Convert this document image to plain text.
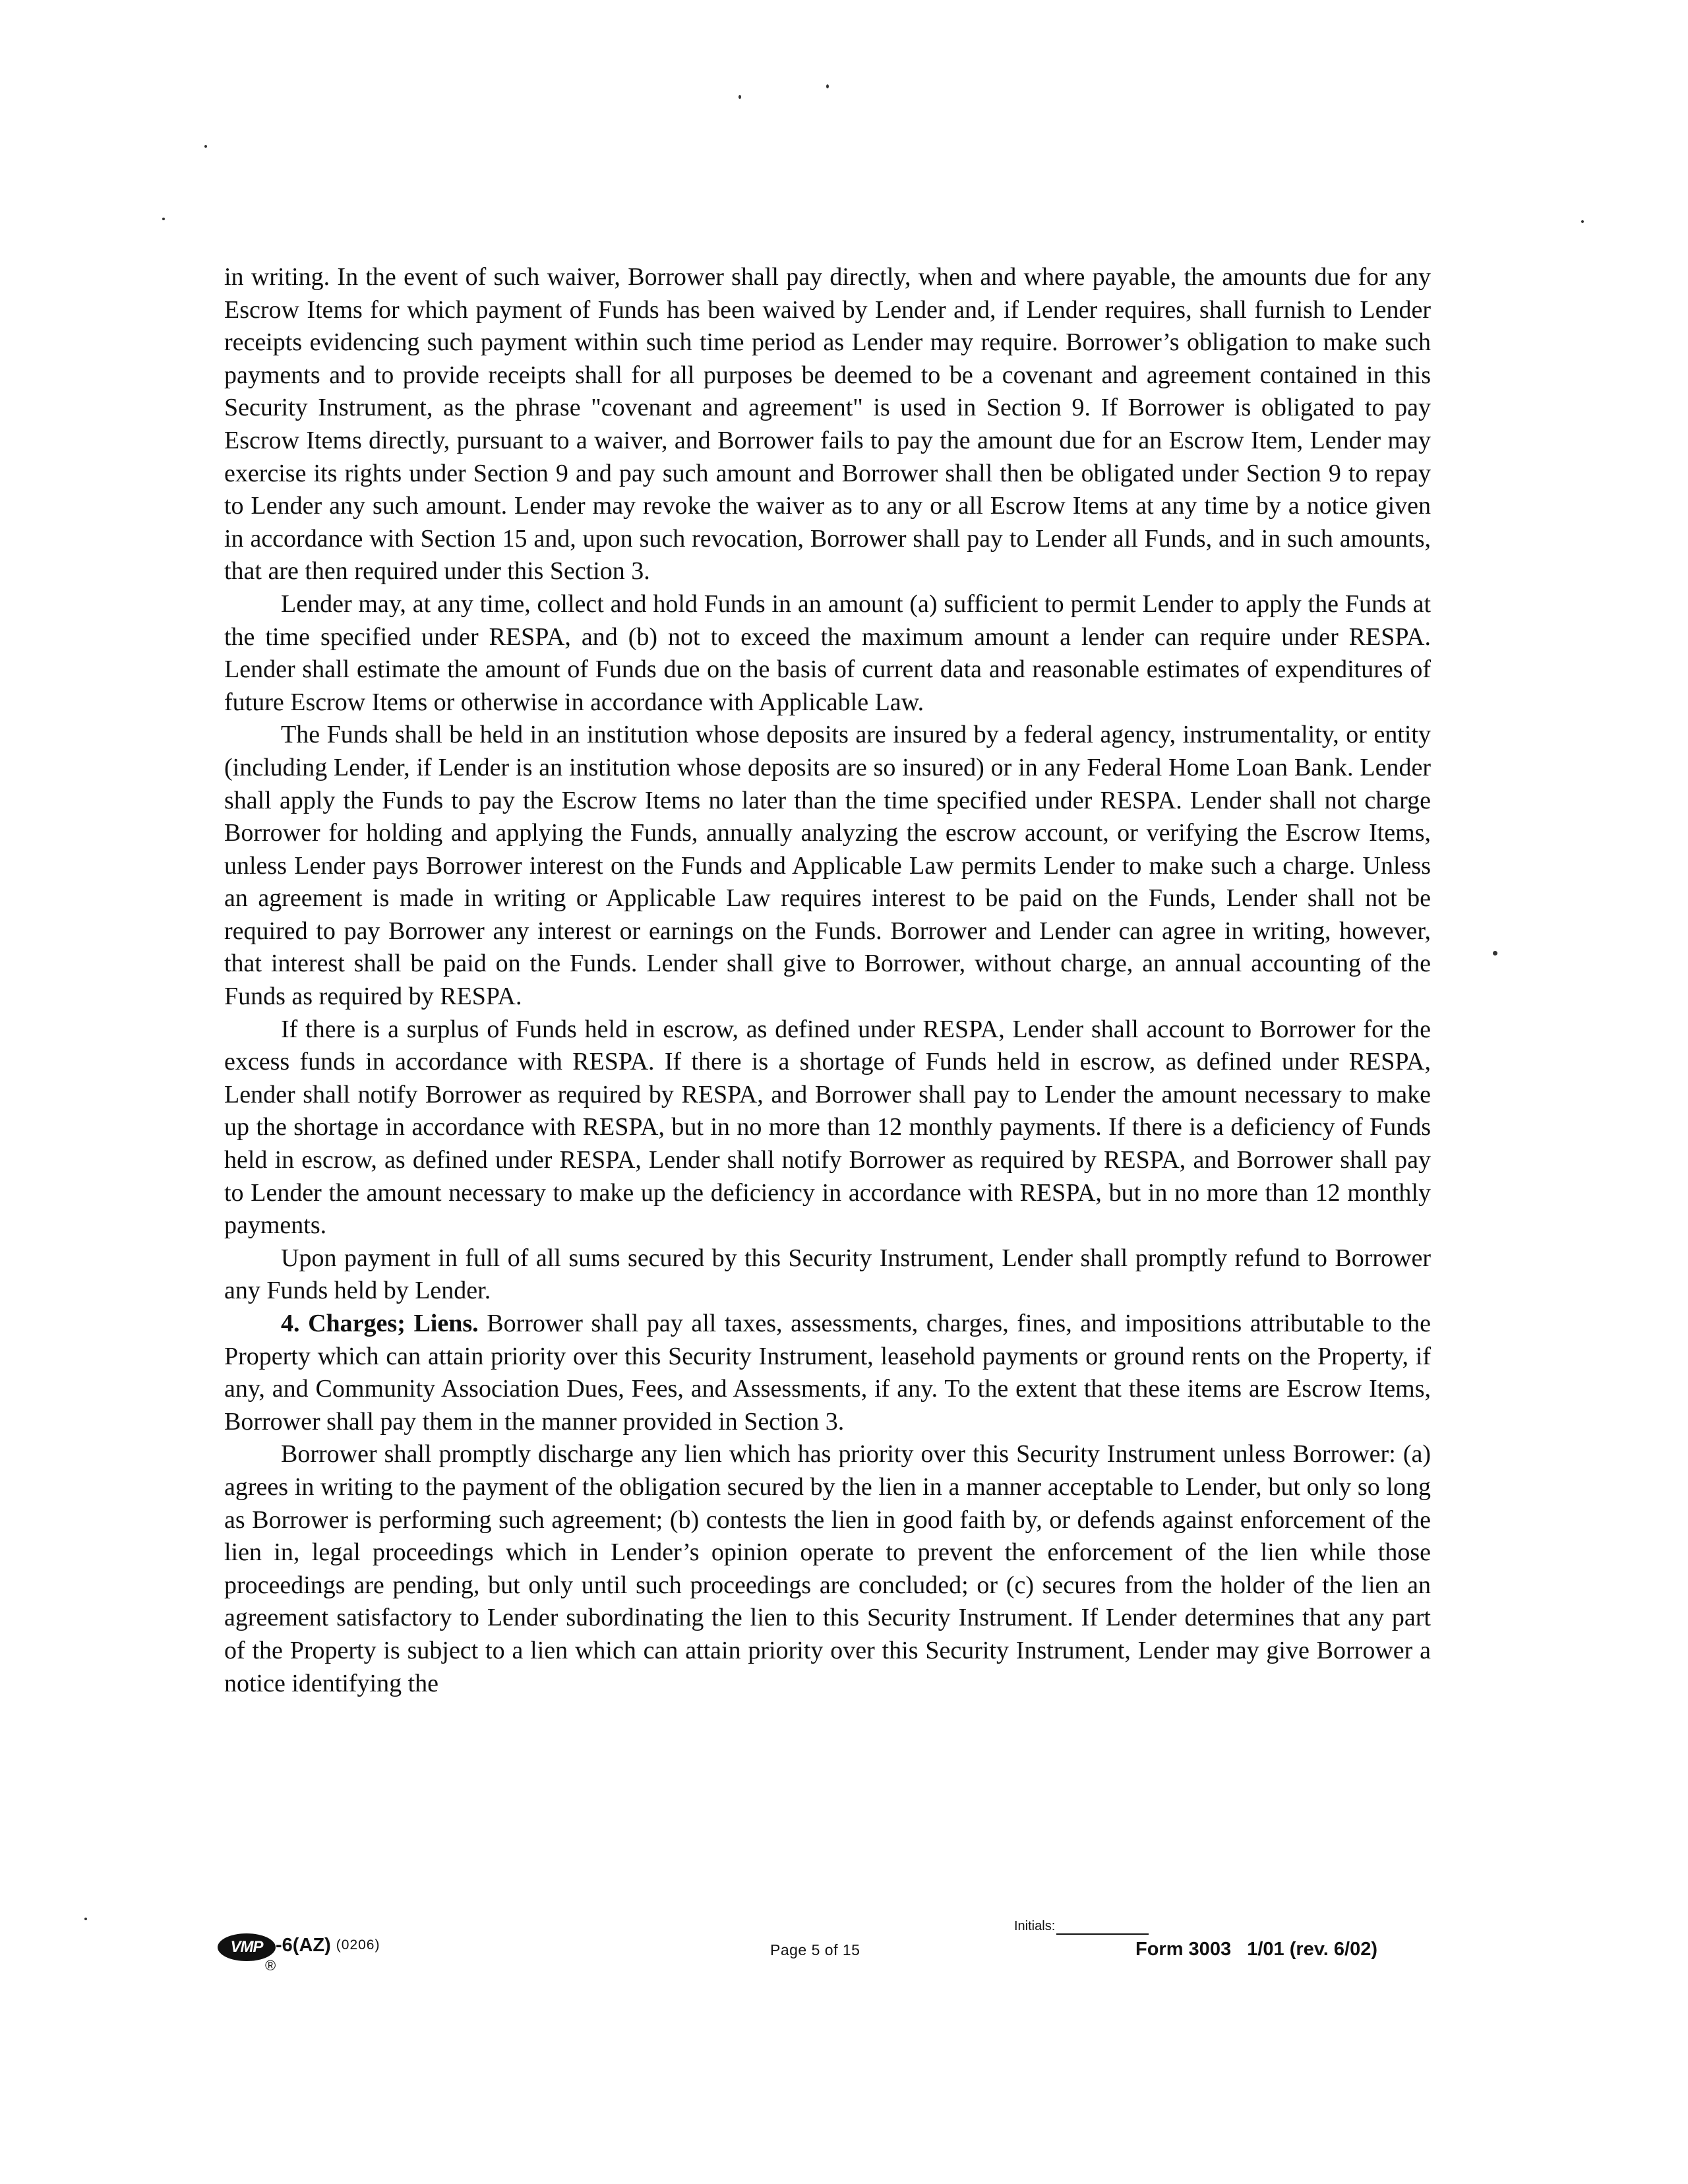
in writing. In the event of such waiver, Borrower shall pay directly, when and where payable, the amounts due for any Escrow Items for which payment of Funds has been waived by Lender and, if Lender requires, shall furnish to Lender receipts evidencing such payment within such time period as Lender may require. Borrower’s obligation to make such payments and to provide receipts shall for all purposes be deemed to be a covenant and agreement contained in this Security Instrument, as the phrase "covenant and agreement" is used in Section 9. If Borrower is obligated to pay Escrow Items directly, pursuant to a waiver, and Borrower fails to pay the amount due for an Escrow Item, Lender may exercise its rights under Section 9 and pay such amount and Borrower shall then be obligated under Section 9 to repay to Lender any such amount. Lender may revoke the waiver as to any or all Escrow Items at any time by a notice given in accordance with Section 15 and, upon such revocation, Borrower shall pay to Lender all Funds, and in such amounts, that are then required under this Section 3.

Lender may, at any time, collect and hold Funds in an amount (a) sufficient to permit Lender to apply the Funds at the time specified under RESPA, and (b) not to exceed the maximum amount a lender can require under RESPA. Lender shall estimate the amount of Funds due on the basis of current data and reasonable estimates of expenditures of future Escrow Items or otherwise in accordance with Applicable Law.

The Funds shall be held in an institution whose deposits are insured by a federal agency, instrumentality, or entity (including Lender, if Lender is an institution whose deposits are so insured) or in any Federal Home Loan Bank. Lender shall apply the Funds to pay the Escrow Items no later than the time specified under RESPA. Lender shall not charge Borrower for holding and applying the Funds, annually analyzing the escrow account, or verifying the Escrow Items, unless Lender pays Borrower interest on the Funds and Applicable Law permits Lender to make such a charge. Unless an agreement is made in writing or Applicable Law requires interest to be paid on the Funds, Lender shall not be required to pay Borrower any interest or earnings on the Funds. Borrower and Lender can agree in writing, however, that interest shall be paid on the Funds. Lender shall give to Borrower, without charge, an annual accounting of the Funds as required by RESPA.

If there is a surplus of Funds held in escrow, as defined under RESPA, Lender shall account to Borrower for the excess funds in accordance with RESPA. If there is a shortage of Funds held in escrow, as defined under RESPA, Lender shall notify Borrower as required by RESPA, and Borrower shall pay to Lender the amount necessary to make up the shortage in accordance with RESPA, but in no more than 12 monthly payments. If there is a deficiency of Funds held in escrow, as defined under RESPA, Lender shall notify Borrower as required by RESPA, and Borrower shall pay to Lender the amount necessary to make up the deficiency in accordance with RESPA, but in no more than 12 monthly payments.

Upon payment in full of all sums secured by this Security Instrument, Lender shall promptly refund to Borrower any Funds held by Lender.

4. Charges; Liens. Borrower shall pay all taxes, assessments, charges, fines, and impositions attributable to the Property which can attain priority over this Security Instrument, leasehold payments or ground rents on the Property, if any, and Community Association Dues, Fees, and Assessments, if any. To the extent that these items are Escrow Items, Borrower shall pay them in the manner provided in Section 3.

Borrower shall promptly discharge any lien which has priority over this Security Instrument unless Borrower: (a) agrees in writing to the payment of the obligation secured by the lien in a manner acceptable to Lender, but only so long as Borrower is performing such agreement; (b) contests the lien in good faith by, or defends against enforcement of the lien in, legal proceedings which in Lender’s opinion operate to prevent the enforcement of the lien while those proceedings are pending, but only until such proceedings are concluded; or (c) secures from the holder of the lien an agreement satisfactory to Lender subordinating the lien to this Security Instrument. If Lender determines that any part of the Property is subject to a lien which can attain priority over this Security Instrument, Lender may give Borrower a notice identifying the

VMP
®
-6(AZ) (0206)	Page 5 of 15
Initials:
Form 3003   1/01 (rev. 6/02)
